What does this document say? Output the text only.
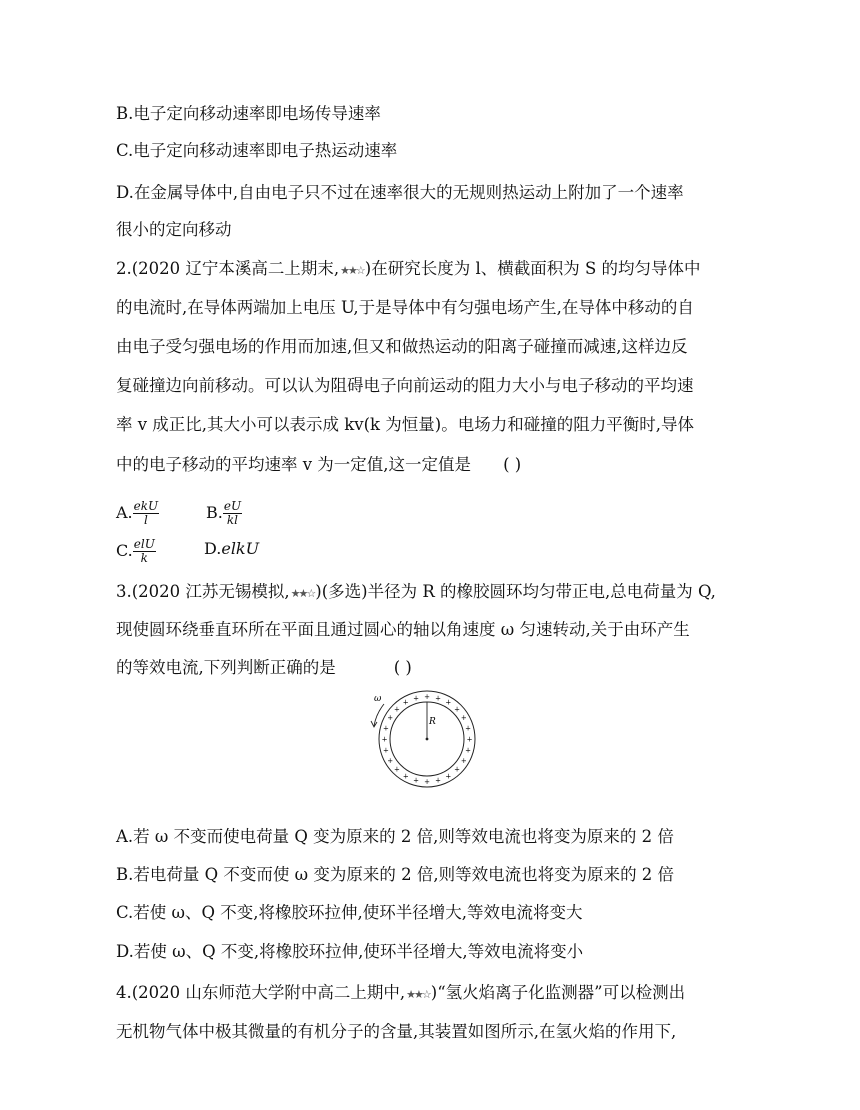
B.电子定向移动速率即电场传导速率
C.电子定向移动速率即电子热运动速率
D.在金属导体中,自由电子只不过在速率很大的无规则热运动上附加了一个速率
很小的定向移动
2.(2020 辽宁本溪高二上期末,★★☆)在研究长度为 l、横截面积为 S 的均匀导体中
的电流时,在导体两端加上电压 U,于是导体中有匀强电场产生,在导体中移动的自
由电子受匀强电场的作用而加速,但又和做热运动的阳离子碰撞而减速,这样边反
复碰撞边向前移动。可以认为阻碍电子向前运动的阻力大小与电子移动的平均速
率 v 成正比,其大小可以表示成 kv(k 为恒量)。电场力和碰撞的阻力平衡时,导体
中的电子移动的平均速率 v 为一定值,这一定值是 ( )
A. $\frac{\text{ekU}}{l}$	B. $\frac{eU}{kl}$
C. $\frac{\text{elU}}{k}$	D.elkU
3.(2020 江苏无锡模拟,★★☆)(多选)半径为 R 的橡胶圆环均匀带正电,总电荷量为 Q,
现使圆环绕垂直环所在平面且通过圆心的轴以角速度 ω 匀速转动,关于由环产生
的等效电流,下列判断正确的是	( )
R
ω
+
+
+
+
+
+
+
+
+
+
+
+
+
+
+
+
+
+ + +
+
+
+
+
A.若 ω 不变而使电荷量 Q 变为原来的 2 倍,则等效电流也将变为原来的 2 倍
B.若电荷量 Q 不变而使 ω 变为原来的 2 倍,则等效电流也将变为原来的 2 倍
C.若使 ω、Q 不变,将橡胶环拉伸,使环半径增大,等效电流将变大
D.若使 ω、Q 不变,将橡胶环拉伸,使环半径增大,等效电流将变小
4.(2020 山东师范大学附中高二上期中,★★☆)“氢火焰离子化监测器”可以检测出
无机物气体中极其微量的有机分子的含量,其装置如图所示,在氢火焰的作用下,
